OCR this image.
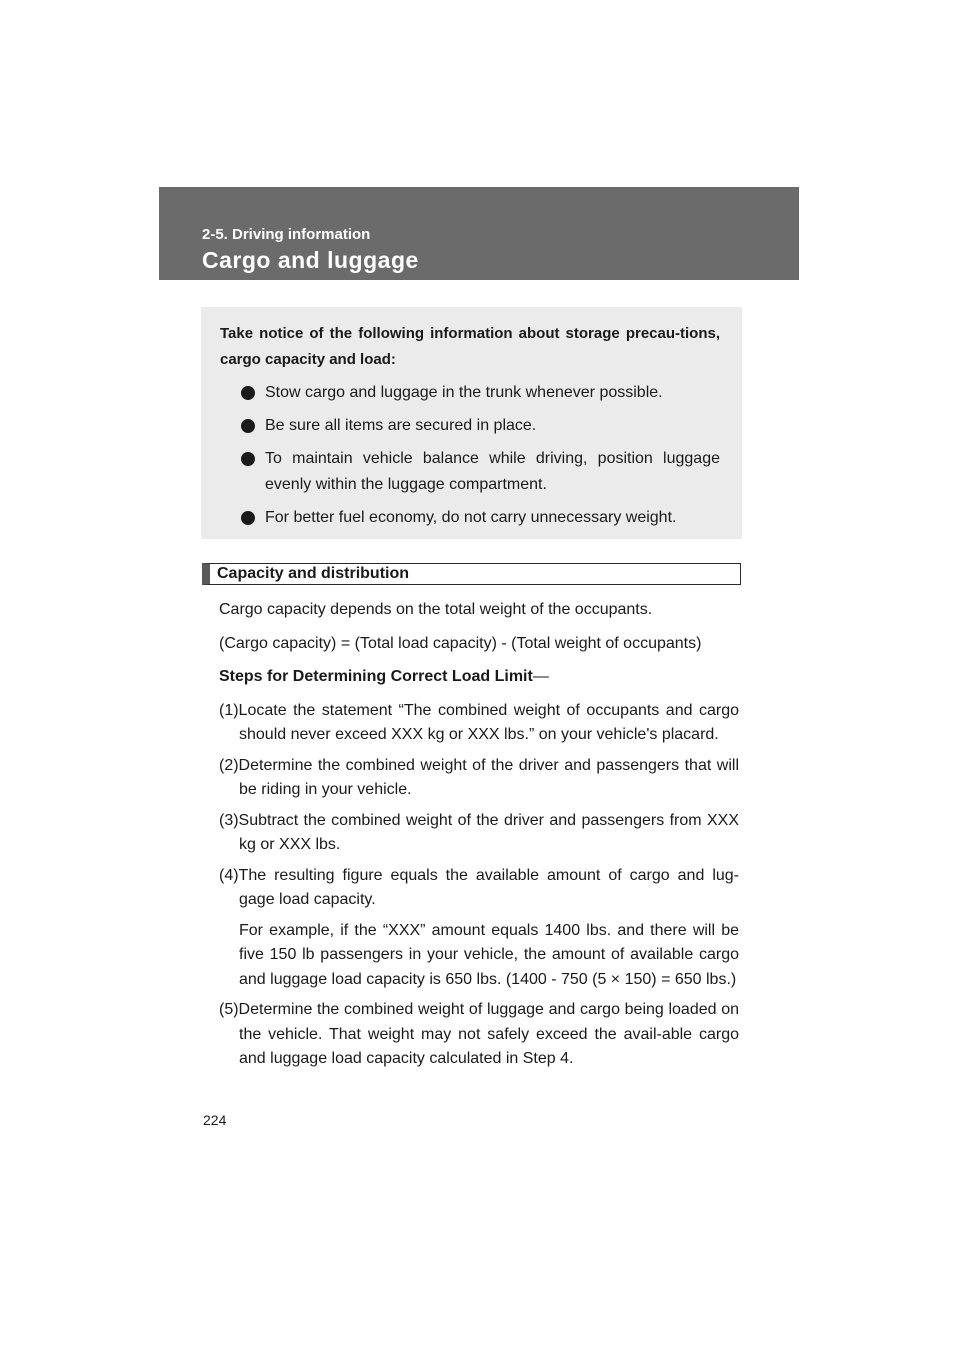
2-5. Driving information
Cargo and luggage
Take notice of the following information about storage precau-tions, cargo capacity and load:
Stow cargo and luggage in the trunk whenever possible.
Be sure all items are secured in place.
To maintain vehicle balance while driving, position luggage evenly within the luggage compartment.
For better fuel economy, do not carry unnecessary weight.
Capacity and distribution

Cargo capacity depends on the total weight of the occupants.

(Cargo capacity) = (Total load capacity) - (Total weight of occupants)

Steps for Determining Correct Load Limit—

(1)Locate the statement “The combined weight of occupants and cargo should never exceed XXX kg or XXX lbs.” on your vehicle's placard.

(2)Determine the combined weight of the driver and passengers that will be riding in your vehicle.

(3)Subtract the combined weight of the driver and passengers from XXX kg or XXX lbs.

(4)The resulting figure equals the available amount of cargo and lug-gage load capacity.

For example, if the “XXX” amount equals 1400 lbs. and there will be five 150 lb passengers in your vehicle, the amount of available cargo and luggage load capacity is 650 lbs. (1400 - 750 (5 × 150) = 650 lbs.)

(5)Determine the combined weight of luggage and cargo being loaded on the vehicle. That weight may not safely exceed the avail-able cargo and luggage load capacity calculated in Step 4.

224
